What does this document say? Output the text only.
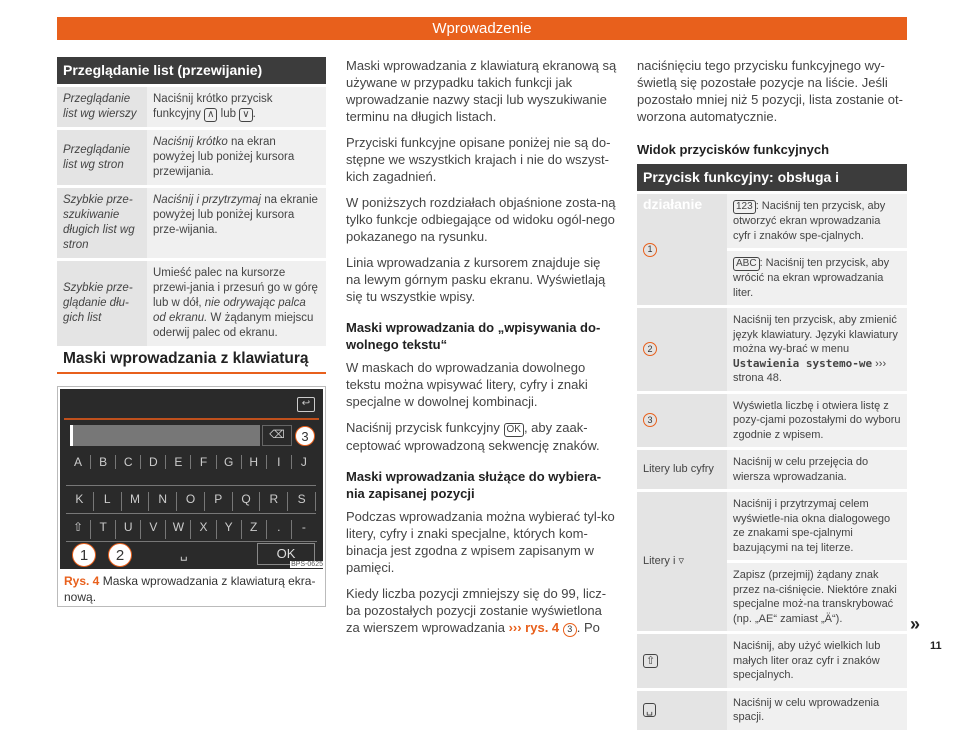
Wprowadzenie
Przeglądanie list (przewijanie)
Przeglądanie list wg wierszy	Naciśnij krótko przycisk funkcyjny ∧ lub ∨ .
Przeglądanie list wg stron	Naciśnij krótko na ekran powyżej lub poniżej kursora przewijania.
Szybkie prze-szukiwanie długich list wg stron	Naciśnij i przytrzymaj na ekranie powyżej lub poniżej kursora prze-wijania.
Szybkie prze-glądanie dłu-gich list	Umieść palec na kursorze przewi-jania i przesuń go w górę lub w dół, nie odrywając palca od ekranu. W żądanym miejscu oderwij palec od ekranu.
Maski wprowadzania z klawiaturą
↩
⌫	3
A	B	C	D	E	F	G	H	I	J
K	L	M	N	O	P	Q	R	S
⇧	T	U	V	W	X	Y	Z	.	-
1	2	␣	OK
BPS-0625
Rys. 4 Maska wprowadzania z klawiaturą ekra-nową.

Maski wprowadzania z klawiaturą ekranową są używane w przypadku takich funkcji jak wprowadzanie nazwy stacji lub wyszukiwanie terminu na długich listach.

Przyciski funkcyjne opisane poniżej nie są do-stępne we wszystkich krajach i nie do wszyst-kich zagadnień.

W poniższych rozdziałach objaśnione zosta-ną tylko funkcje odbiegające od widoku ogól-nego pokazanego na rysunku.

Linia wprowadzania z kursorem znajduje się na lewym górnym pasku ekranu. Wyświetlają się tu wszystkie wpisy.

Maski wprowadzania do „wpisywania do-wolnego tekstu“

W maskach do wprowadzania dowolnego tekstu można wpisywać litery, cyfry i znaki specjalne w dowolnej kombinacji.

Naciśnij przycisk funkcyjny OK , aby zaak-ceptować wprowadzoną sekwencję znaków.

Maski wprowadzania służące do wybiera-nia zapisanej pozycji

Podczas wprowadzania można wybierać tyl-ko litery, cyfry i znaki specjalne, których kom-binacja jest zgodna z wpisem zapisanym w pamięci.

Kiedy liczba pozycji zmniejszy się do 99, licz-ba pozostałych pozycji zostanie wyświetlona za wierszem wprowadzania ››› rys. 4 3 . Po

naciśnięciu tego przycisku funkcyjnego wy-świetlą się pozostałe pozycje na liście. Jeśli pozostało mniej niż 5 pozycji, lista zostanie ot-worzona automatycznie.

Widok przycisków funkcyjnych

Przycisk funkcyjny: obsługa i działanie
1	123 : Naciśnij ten przycisk, aby otworzyć ekran wprowadzania cyfr i znaków spe-cjalnych.
	ABC : Naciśnij ten przycisk, aby wrócić na ekran wprowadzania liter.
2	Naciśnij ten przycisk, aby zmienić język klawiatury. Języki klawiatury można wy-brać w menu Ustawienia systemo-we ››› strona 48.
3	Wyświetla liczbę i otwiera listę z pozy-cjami pozostałymi do wyboru zgodnie z wpisem.
Litery lub cyfry	Naciśnij w celu przejęcia do wiersza wprowadzania.
Litery i ▿	Naciśnij i przytrzymaj celem wyświetle-nia okna dialogowego ze znakami spe-cjalnymi bazującymi na tej literze.
	Zapisz (przejmij) żądany znak przez na-ciśnięcie. Niektóre znaki specjalne moż-na transkrybować (np. „AE“ zamiast „Ä“).
⇧	Naciśnij, aby użyć wielkich lub małych liter oraz cyfr i znaków specjalnych.
␣	Naciśnij w celu wprowadzenia spacji.
»
11
